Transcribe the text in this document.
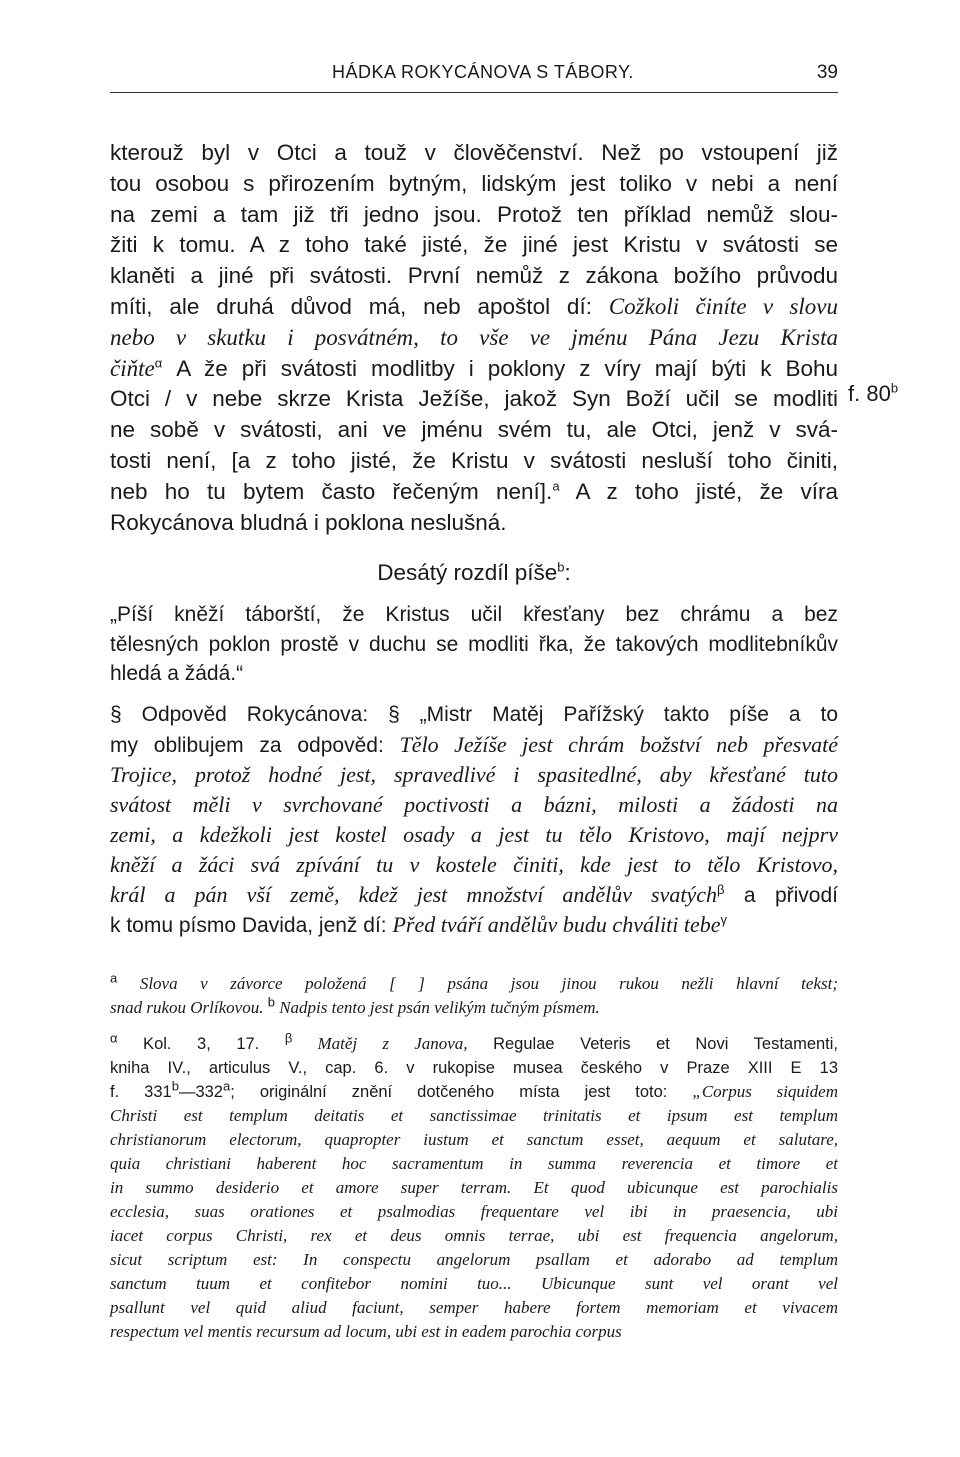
HÁDKA ROKYCÁNOVA S TÁBORY.	39
kterouž byl v Otci a touž v člověčenství. Než po vstoupení již
tou osobou s přirozením bytným, lidským jest toliko v nebi a není
na zemi a tam již tři jedno jsou. Protož ten příklad nemůž slou-
žiti k tomu. A z toho také jisté, že jiné jest Kristu v svátosti se
klaněti a jiné při svátosti. První nemůž z zákona božího průvodu
míti, ale druhá důvod má, neb apoštol dí: Cožkoli činíte v slovu
nebo v skutku i posvátném, to vše ve jménu Pána Jezu Krista
čiňte$^\alpha$ A že při svátosti modlitby i poklony z víry mají býti k Bohu
Otci / v nebe skrze Krista Ježíše, jakož Syn Boží učil se modliti
ne sobě v svátosti, ani ve jménu svém tu, ale Otci, jenž v svá-
tosti není, [a z toho jisté, že Kristu v svátosti nesluší toho činiti,
neb ho tu bytem často řečeným není].$^a$ A z toho jisté, že víra
Rokycánova bludná i poklona neslušná.
f. 80$^b$
Desátý rozdíl píše$^b$:
„Píší kněží táborští, že Kristus učil křesťany bez chrámu a bez
tělesných poklon prostě v duchu se modliti řka, že takových modlitebníkův
hledá a žádá.“
§ Odpověd Rokycánova: § „Mistr Matěj Pařížský takto píše a to
my oblibujem za odpověd: Tělo Ježíše jest chrám božství neb přesvaté
Trojice, protož hodné jest, spravedlivé i spasitedlné, aby křesťané tuto
svátost měli v svrchované poctivosti a bázni, milosti a žádosti na
zemi, a kdežkoli jest kostel osady a jest tu tělo Kristovo, mají nejprv
kněží a žáci svá zpívání tu v kostele činiti, kde jest to tělo Kristovo,
král a pán vší země, kdež jest množství andělův svatých$^\beta$ a přivodí
k tomu písmo Davida, jenž dí: Před tváří andělův budu chváliti tebe$^\gamma$
$^a$ Slova v závorce položená [ ] psána jsou jinou rukou nežli hlavní tekst;
snad rukou Orlíkovou. $^b$ Nadpis tento jest psán velikým tučným písmem.
$^\alpha$ Kol. 3, 17. $^\beta$ Matěj z Janova, Regulae Veteris et Novi Testamenti,
kniha IV., articulus V., cap. 6. v rukopise musea českého v Praze XIII E 13
f. 331$^b$—332$^a$; originální znění dotčeného místa jest toto: „Corpus siquidem
Christi est templum deitatis et sanctissimae trinitatis et ipsum est templum
christianorum electorum, quapropter iustum et sanctum esset, aequum et salutare,
quia christiani haberent hoc sacramentum in summa reverencia et timore et
in summo desiderio et amore super terram. Et quod ubicunque est parochialis
ecclesia, suas orationes et psalmodias frequentare vel ibi in praesencia, ubi
iacet corpus Christi, rex et deus omnis terrae, ubi est frequencia angelorum,
sicut scriptum est: In conspectu angelorum psallam et adorabo ad templum
sanctum tuum et confitebor nomini tuo... Ubicunque sunt vel orant vel
psallunt vel quid aliud faciunt, semper habere fortem memoriam et vivacem
respectum vel mentis recursum ad locum, ubi est in eadem parochia corpus
